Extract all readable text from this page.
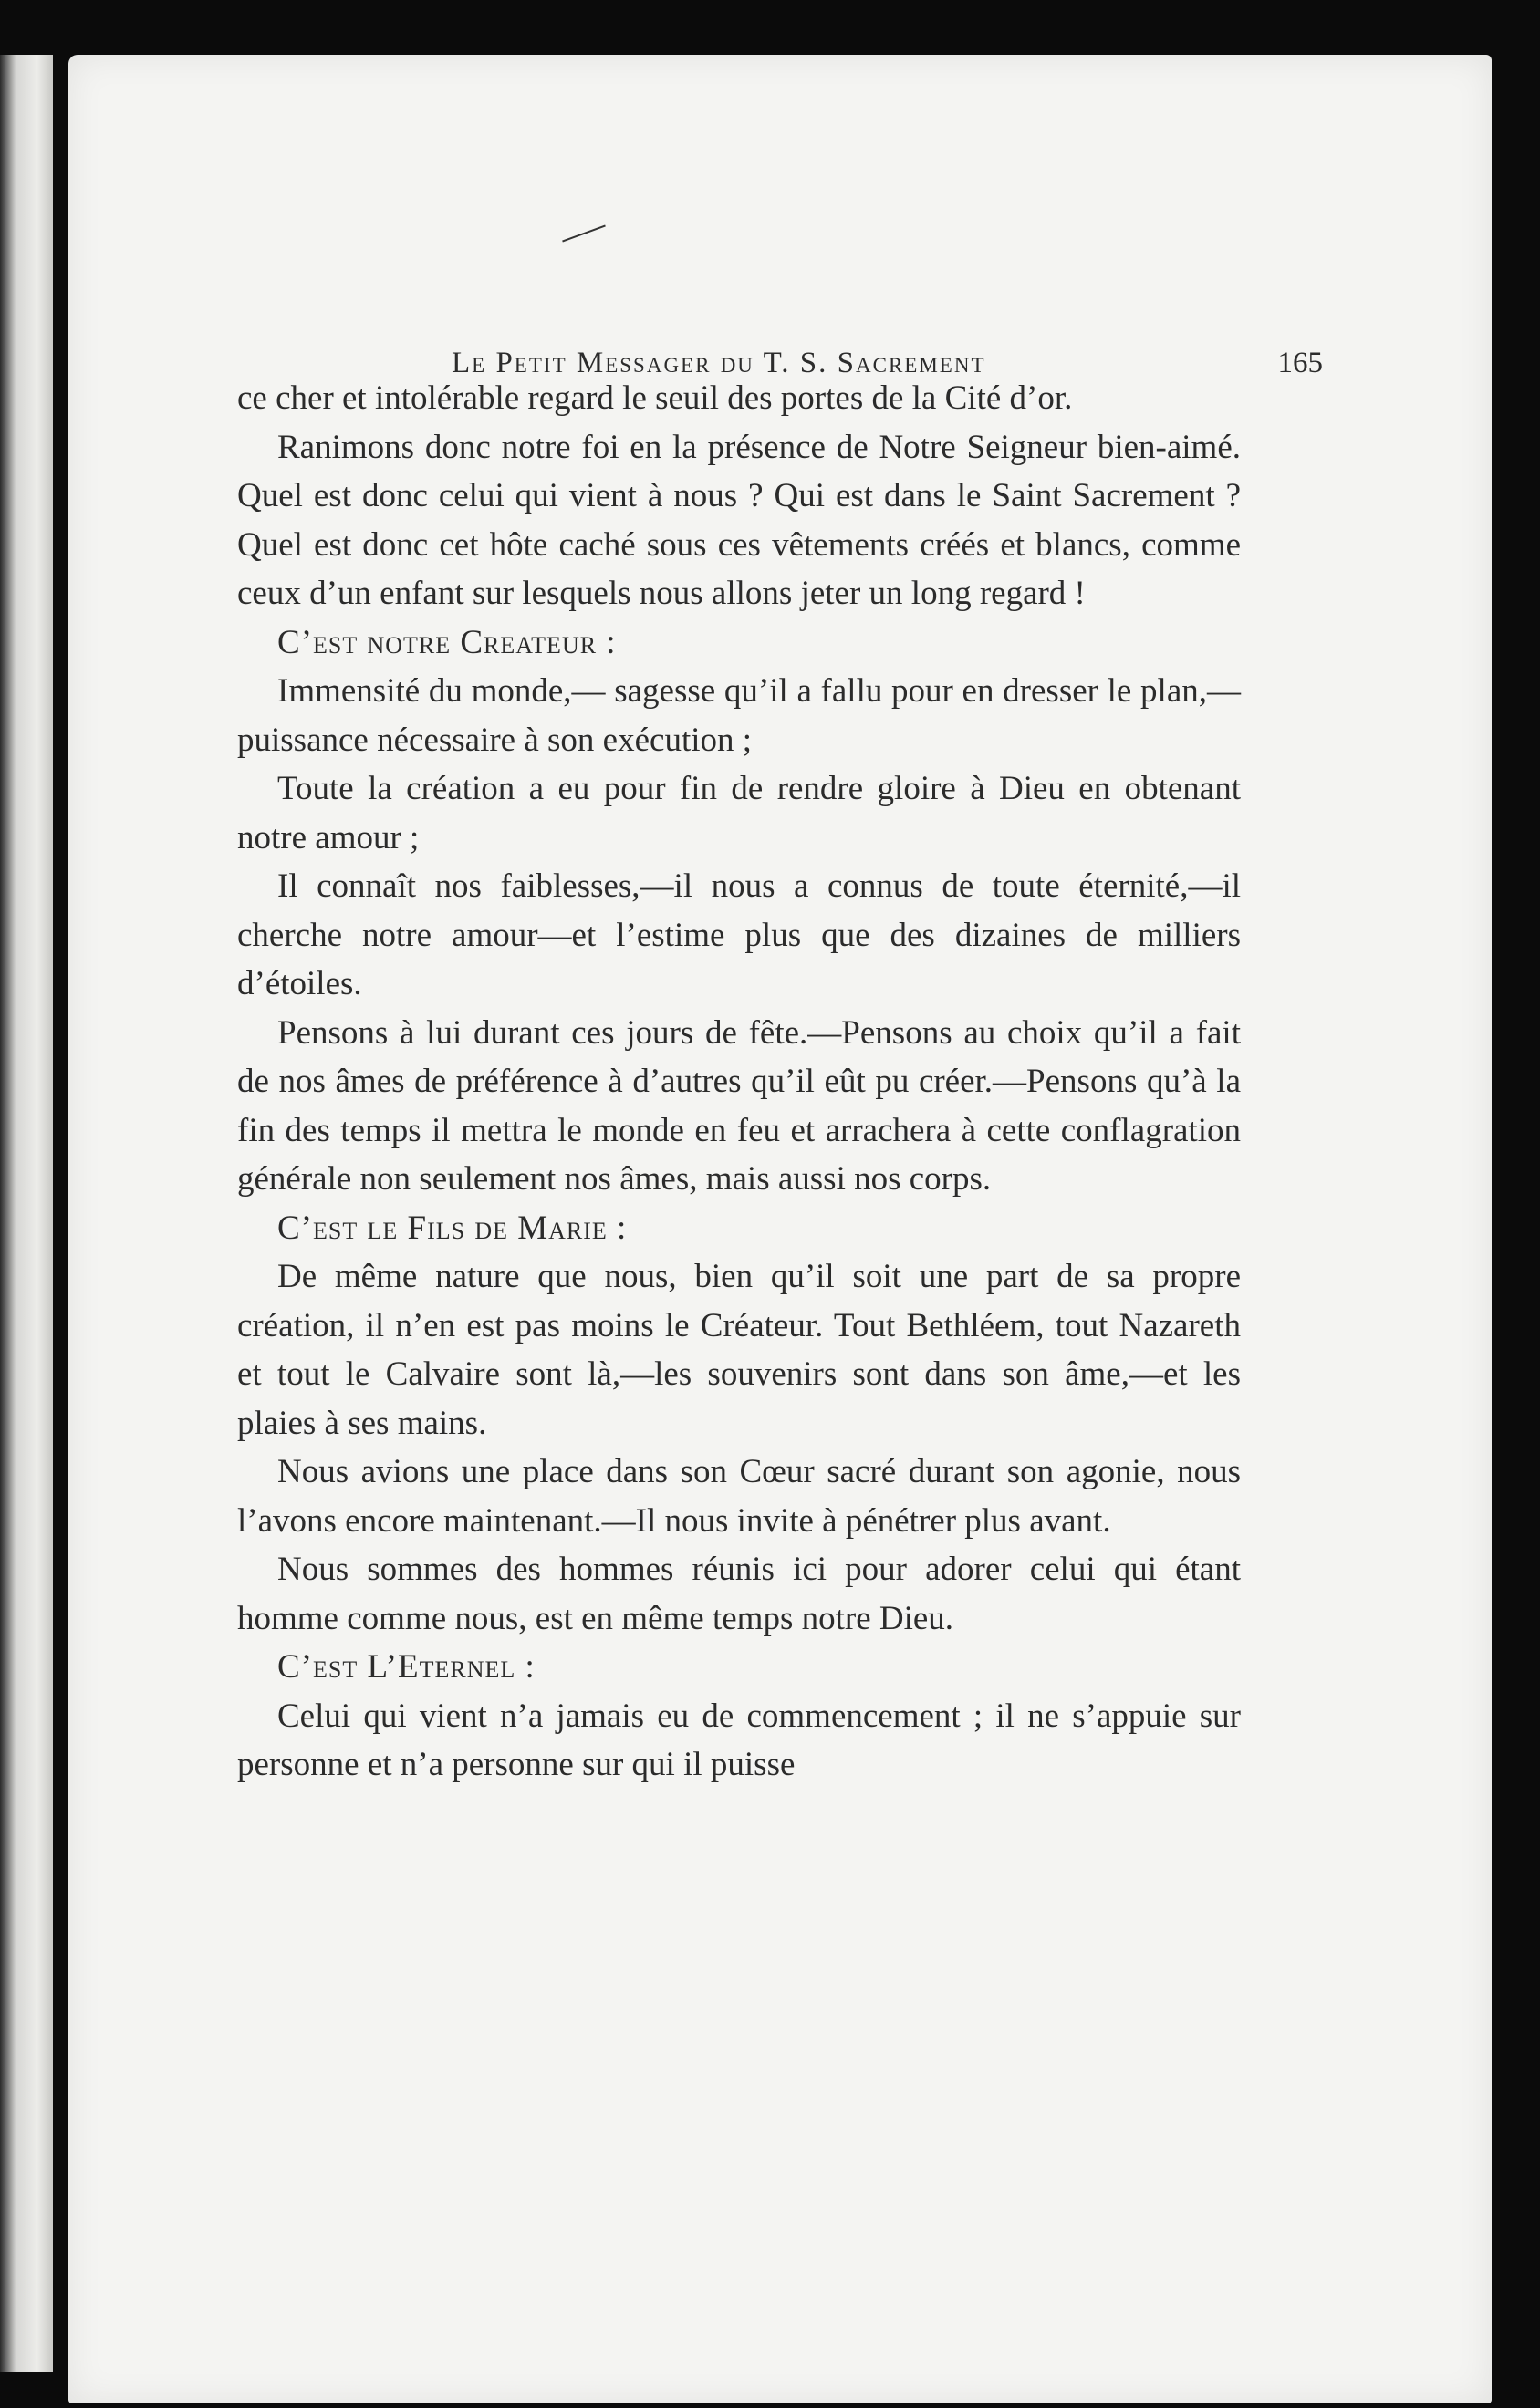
Le Petit Messager du T. S. Sacrement	165

ce cher et intolérable regard le seuil des portes de la Cité d’or.

Ranimons donc notre foi en la présence de Notre Seigneur bien-aimé. Quel est donc celui qui vient à nous ? Qui est dans le Saint Sacrement ? Quel est donc cet hôte caché sous ces vêtements créés et blancs, comme ceux d’un enfant sur lesquels nous allons jeter un long regard !

C’est notre Createur :

Immensité du monde,— sagesse qu’il a fallu pour en dresser le plan,—puissance nécessaire à son exécution ;

Toute la création a eu pour fin de rendre gloire à Dieu en obtenant notre amour ;

Il connaît nos faiblesses,—il nous a connus de toute éternité,—il cherche notre amour—et l’estime plus que des dizaines de milliers d’étoiles.

Pensons à lui durant ces jours de fête.—Pensons au choix qu’il a fait de nos âmes de préférence à d’autres qu’il eût pu créer.—Pensons qu’à la fin des temps il mettra le monde en feu et arrachera à cette conflagration générale non seulement nos âmes, mais aussi nos corps.

C’est le Fils de Marie :

De même nature que nous, bien qu’il soit une part de sa propre création, il n’en est pas moins le Créateur. Tout Bethléem, tout Nazareth et tout le Calvaire sont là,—les souvenirs sont dans son âme,—et les plaies à ses mains.

Nous avions une place dans son Cœur sacré durant son agonie, nous l’avons encore maintenant.—Il nous invite à pénétrer plus avant.

Nous sommes des hommes réunis ici pour adorer celui qui étant homme comme nous, est en même temps notre Dieu.

C’est L’Eternel :

Celui qui vient n’a jamais eu de commencement ; il ne s’appuie sur personne et n’a personne sur qui il puisse
